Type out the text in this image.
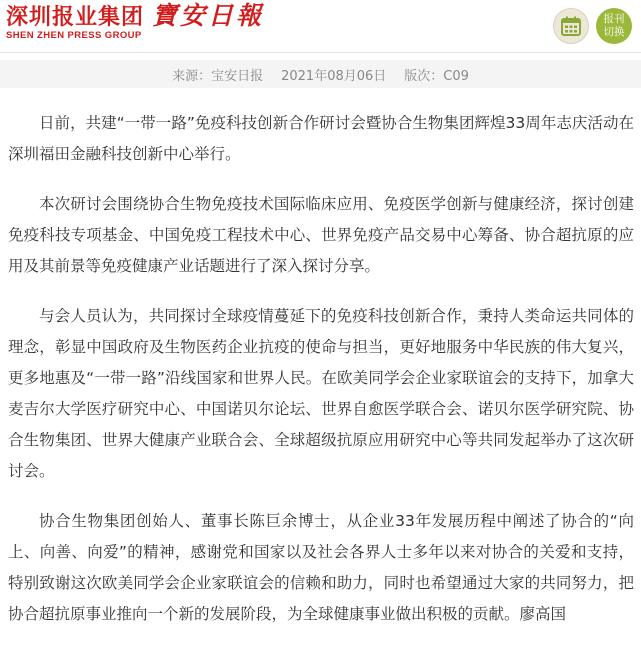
深圳报业集团 寶安日報
SHEN ZHEN PRESS GROUP
报刊切换
来源：宝安日报 2021年08月06日 版次：C09

日前，共建“一带一路”免疫科技创新合作研讨会暨协合生物集团辉煌33周年志庆活动在深圳福田金融科技创新中心举行。

本次研讨会围绕协合生物免疫技术国际临床应用、免疫医学创新与健康经济，探讨创建免疫科技专项基金、中国免疫工程技术中心、世界免疫产品交易中心筹备、协合超抗原的应用及其前景等免疫健康产业话题进行了深入探讨分享。

与会人员认为，共同探讨全球疫情蔓延下的免疫科技创新合作，秉持人类命运共同体的理念，彰显中国政府及生物医药企业抗疫的使命与担当，更好地服务中华民族的伟大复兴，更多地惠及“一带一路”沿线国家和世界人民。在欧美同学会企业家联谊会的支持下，加拿大麦吉尔大学医疗研究中心、中国诺贝尔论坛、世界自愈医学联合会、诺贝尔医学研究院、协合生物集团、世界大健康产业联合会、全球超级抗原应用研究中心等共同发起举办了这次研讨会。

协合生物集团创始人、董事长陈巨余博士，从企业33年发展历程中阐述了协合的“向上、向善、向爱”的精神，感谢党和国家以及社会各界人士多年以来对协合的关爱和支持，特别致谢这次欧美同学会企业家联谊会的信赖和助力，同时也希望通过大家的共同努力，把协合超抗原事业推向一个新的发展阶段，为全球健康事业做出积极的贡献。廖高国
